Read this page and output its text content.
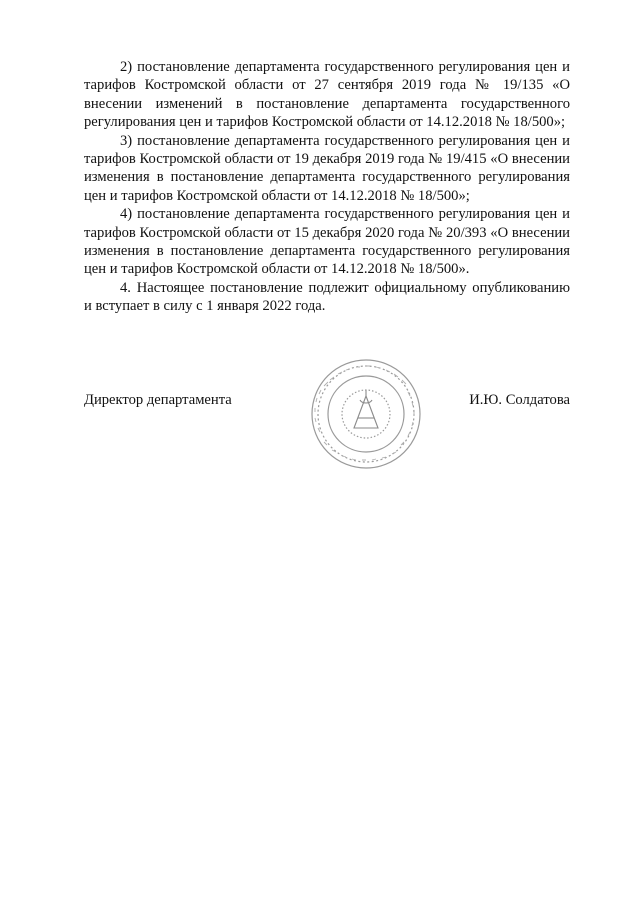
2) постановление департамента государственного регулирования цен и тарифов Костромской области от 27 сентября 2019 года № 19/135 «О внесении изменений в постановление департамента государственного регулирования цен и тарифов Костромской области от 14.12.2018 № 18/500»;

3) постановление департамента государственного регулирования цен и тарифов Костромской области от 19 декабря 2019 года № 19/415 «О внесении изменения в постановление департамента государственного регулирования цен и тарифов Костромской области от 14.12.2018 № 18/500»;

4) постановление департамента государственного регулирования цен и тарифов Костромской области от 15 декабря 2020 года № 20/393 «О внесении изменения в постановление департамента государственного регулирования цен и тарифов Костромской области от 14.12.2018 № 18/500».

4. Настоящее постановление подлежит официальному опубликованию и вступает в силу с 1 января 2022 года.

Директор департамента	И.Ю. Солдатова
